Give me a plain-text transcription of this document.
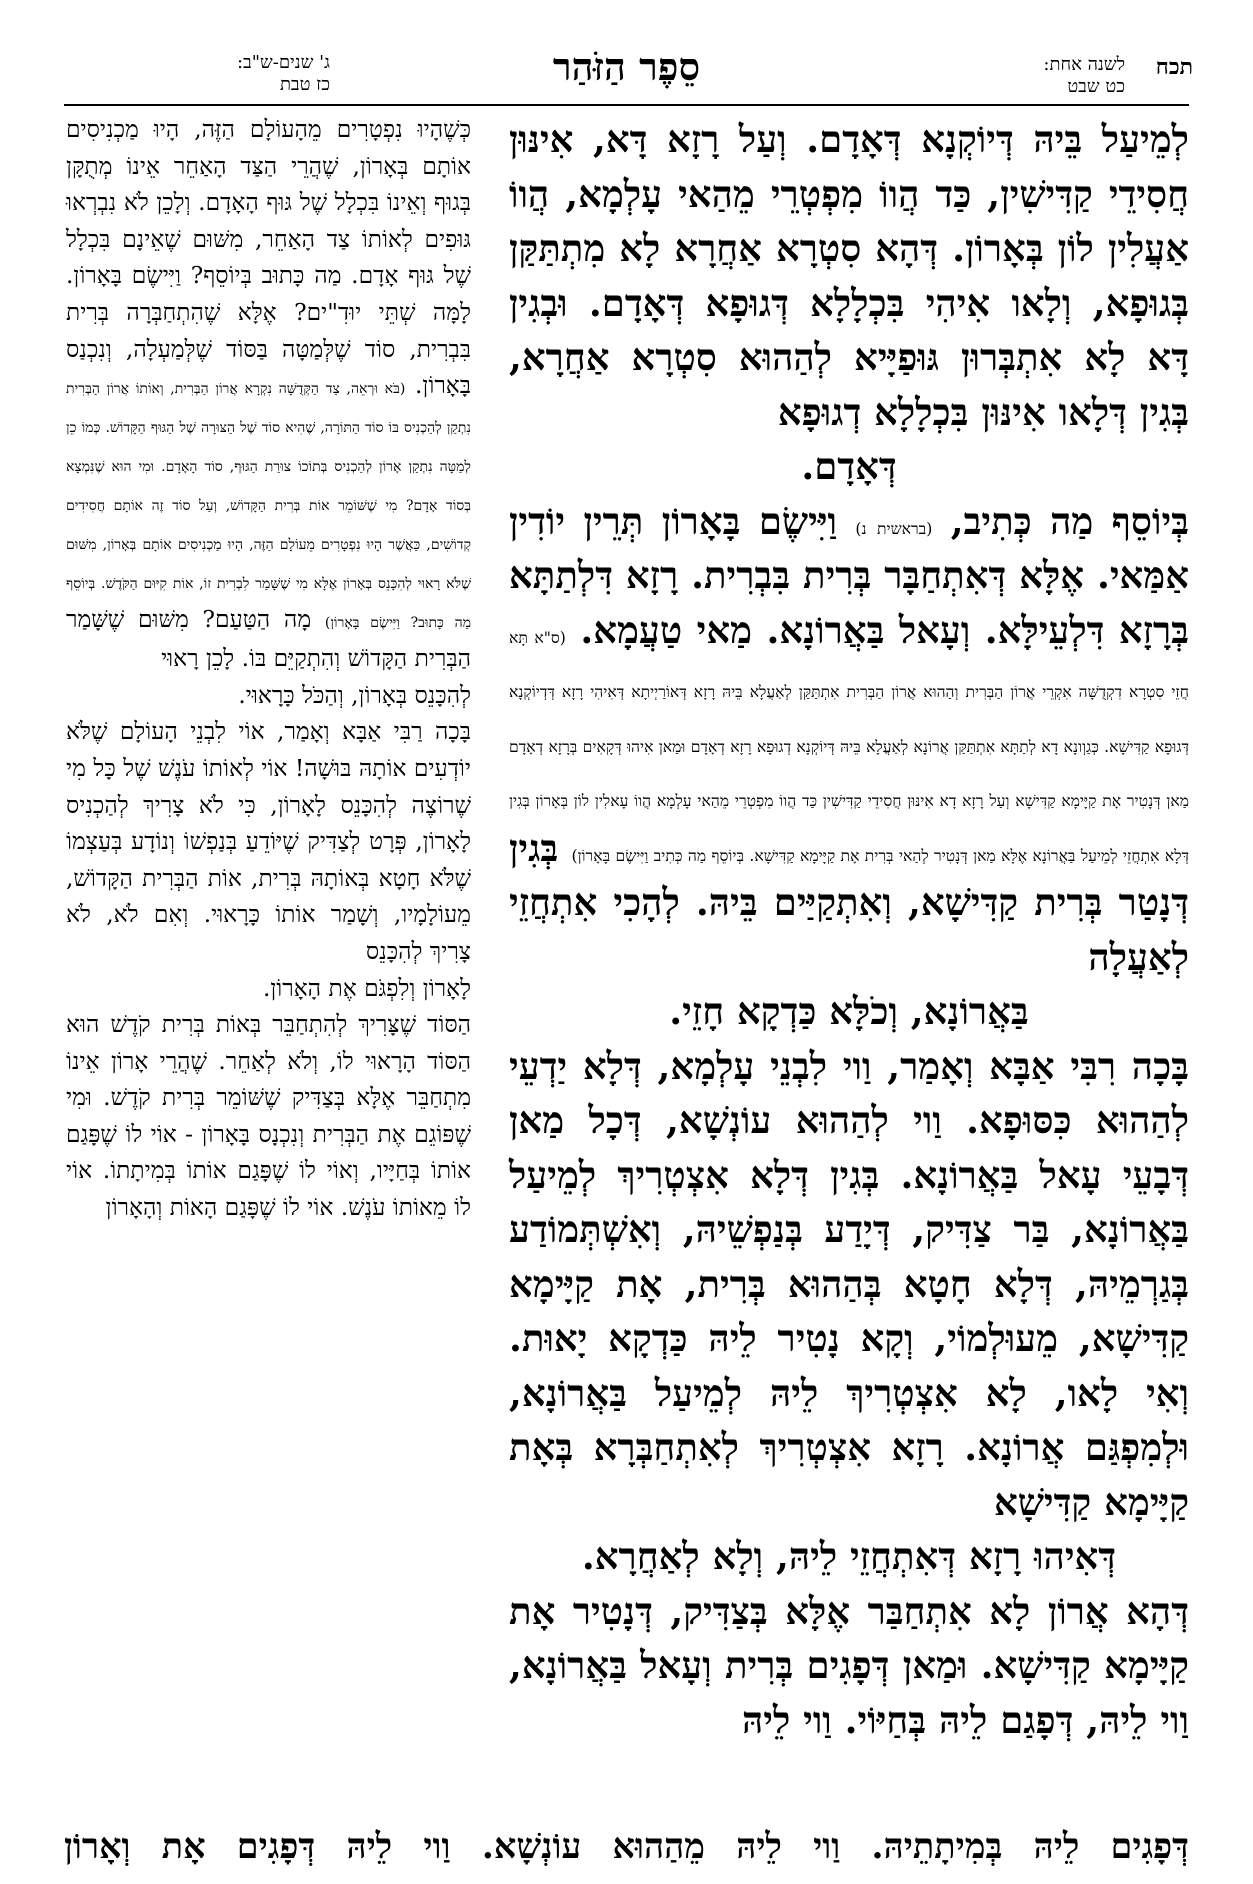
תכח
לשנה אחת:
כט שבט
סֵפֶר הַזֹּהַר
ג' שנים-ש"ב:
כז טבת

לְמֵיעַל בֵּיהּ דְּיוֹקְנָא דְּאָדָם. וְעַל רָזָא דָּא, אִינּוּן חֲסִידֵי קַדִּישִׁין, כַּד הֲווֹ מִפְטְרֵי מֵהַאי עָלְמָא, הֲווֹ אַעֲלִין לוֹן בְּאָרוֹן. דְּהָא סִטְרָא אַחֲרָא לָא מִתְתַּקַּן בְּגוּפָא, וְלָאו אִיהִי בִּכְלָלָא דְּגוּפָא דְּאָדָם. וּבְגִין דָּא לָא אִתְבְּרוּן גּוּפַיָּיא לְהַהוּא סִטְרָא אַחֲרָא, בְּגִין דְּלָאו אִינּוּן בִּכְלָלָא דְגוּפָא

דְּאָדָם.

בְּיוֹסֵף מַה כְּתִיב, (בראשית נ) וַיִּישֶׂם בָּאָרוֹן תְּרֵין יוֹדִין אַמַּאי. אֶלָּא דְּאִתְחַבָּר בְּרִית בִּבְרִית. רָזָא דִּלְתַתָּא בְּרָזָא דִּלְעֵילָּא. וְעָאל בַּאֲרוֹנָא. מַאי טַעֲמָא. (ס"א תָּא חֲזֵי סִטְרָא דִקְדֻשָּׁה אִקְרֵי אֲרוֹן הַבְּרִית וְהַהוּא אֲרוֹן הַבְּרִית אִתְתַּקַּן לְאַעֲלָא בֵּיהּ רָזָא דְּאוֹרַיְיתָא דְּאִיהִי רָזָא דְּדְיוֹקְנָא דְּגוּפָא קַדִּישָׁא. כְּגַוְונָא דָא לְתַתָּא אִתְתַּקַּן אֲרוֹנָא לְאַעֲלָא בֵּיהּ דְּיוֹקְנָא דְגוּפָא רָזָא דְאָדָם וּמַאן אִיהוּ דְּקָאִים בְּרָזָא דְאָדָם מַאן דְּנָטִיר אָת קַיָּימָא קַדִּישָׁא וְעַל רָזָא דָא אִינּוּן חֲסִידֵי קַדִּישִׁין כַּד הֲווֹ מִפְטְרֵי מֵהַאי עָלְמָא הֲווֹ עָאלִין לוֹן בְּאָרוֹן בְּגִין דְּלָא אִתְחֲזֵי לְמֵיעַל בַּאֲרוֹנָא אֶלָּא מַאן דְּנָטִיר לְהַאי בְּרִית אָת קַיָּימָא קַדִּישָׁא. בְּיוֹסֵף מַה כְּתִיב וַיִּישֶׂם בָּאָרוֹן) בְּגִין דְּנָטַר בְּרִית קַדִּישָׁא, וְאִתְקַיַּים בֵּיהּ. לְהָכִי אִתְחֲזֵי לְאַעֲלָה

בַּאֲרוֹנָא, וְכֹלָּא כַּדְקָא חָזֵי.

בָּכָה רִבִּי אַבָּא וְאָמַר, וַוי לִבְנֵי עָלְמָא, דְּלָא יַדְעֵי לְהַהוּא כִּסּוּפָא. וַוי לְהַהוּא עוֹנְשָׁא, דְּכָל מַאן דְּבָעֵי עָאל בַּאֲרוֹנָא. בְּגִין דְּלָא אִצְטְרִיךְ לְמֵיעַל בַּאֲרוֹנָא, בַּר צַדִּיק, דְּיָדַע בְּנַפְשֵׁיהּ, וְאִשְׁתְּמוֹדַע בְּגַרְמֵיהּ, דְּלָא חָטָא בְּהַהוּא בְּרִית, אָת קַיָּימָא קַדִּישָׁא, מֵעוּלְמוֹי, וְקָא נָטִיר לֵיהּ כַּדְקָא יָאוּת. וְאִי לָאו, לָא אִצְטְרִיךְ לֵיהּ לְמֵיעַל בַּאֲרוֹנָא, וּלְמִפְגַּם אֲרוֹנָא. רָזָא אִצְטְרִיךְ לְאִתְחַבְּרָא בְּאָת קַיָּימָא קַדִּישָׁא

דְּאִיהוּ רָזָא דְּאִתְחֲזֵי לֵיהּ, וְלָא לְאַחֲרָא.

דְּהָא אֲרוֹן לָא אִתְחַבַּר אֶלָּא בְּצַדִּיק, דְּנָטִיר אָת קַיָּימָא קַדִּישָׁא. וּמַאן דְּפָגִים בְּרִית וְעָאל בַּאֲרוֹנָא, וַוי לֵיהּ, דְּפָגַם לֵיהּ בְּחַיּוֹי. וַוי לֵיהּ

כְּשֶׁהָיוּ נִפְטָרִים מֵהָעוֹלָם הַזֶּה, הָיוּ מַכְנִיסִים אוֹתָם בְּאָרוֹן, שֶׁהֲרֵי הַצַּד הָאַחֵר אֵינוֹ מְתֻקָּן בְּגוּף וְאֵינוֹ בִּכְלָל שֶׁל גּוּף הָאָדָם. וְלָכֵן לֹא נִבְרְאוּ גּוּפִים לְאוֹתוֹ צַד הָאַחֵר, מִשּׁוּם שֶׁאֵינָם בִּכְלָל שֶׁל גּוּף אָדָם. מַה כָּתוּב בְּיוֹסֵף? וַיִּישֶׂם בָּאָרוֹן. לָמָּה שְׁתֵּי יוּדִ"ים? אֶלָּא שֶׁהִתְחַבְּרָה בְּרִית בִּבְרִית, סוֹד שֶׁלְּמַטָּה בַּסּוֹד שֶׁלְּמַעְלָה, וְנִכְנַס בָּאָרוֹן. (בֹּא וּרְאֵה, צַד הַקְּדֻשָּׁה נִקְרָא אֲרוֹן הַבְּרִית, וְאוֹתוֹ אֲרוֹן הַבְּרִית נִתְקַן לְהַכְנִיס בּוֹ סוֹד הַתּוֹרָה, שֶׁהִיא סוֹד שֶׁל הַצּוּרָה שֶׁל הַגּוּף הַקָּדוֹשׁ. כְּמוֹ כֵן לְמַטָּה נִתְקַן אָרוֹן לְהַכְנִיס בְּתוֹכוֹ צוּרַת הַגּוּף, סוֹד הָאָדָם. וּמִי הוּא שֶׁנִּמְצָא בְּסוֹד אָדָם? מִי שֶׁשּׁוֹמֵר אוֹת בְּרִית הַקָּדוֹשׁ, וְעַל סוֹד זֶה אוֹתָם חֲסִידִים קְדוֹשִׁים, כַּאֲשֶׁר הָיוּ נִפְטָרִים מֵעוֹלָם הַזֶּה, הָיוּ מַכְנִיסִים אוֹתָם בְּאָרוֹן, מִשּׁוּם שֶׁלֹּא רָאוּי לְהִכָּנֵס בְּאָרוֹן אֶלָּא מִי שֶׁשָּׁמַר לִבְרִית זוֹ, אוֹת קִיּוּם הַקֹּדֶשׁ. בְּיוֹסֵף מַה כָּתוּב? וַיִּישֶׂם בָּאָרוֹן) מָה הַטַּעַם? מִשּׁוּם שֶׁשָּׁמַר הַבְּרִית הַקָּדוֹשׁ וְהִתְקַיֵּם בּוֹ. לָכֵן רָאוּי

לְהִכָּנֵס בְּאָרוֹן, וְהַכֹּל כָּרָאוּי.

בָּכָה רַבִּי אַבָּא וְאָמַר, אוֹי לִבְנֵי הָעוֹלָם שֶׁלֹּא יוֹדְעִים אוֹתָהּ בּוּשָׁה! אוֹי לְאוֹתוֹ עֹנֶשׁ שֶׁל כָּל מִי שֶׁרוֹצֶה לְהִכָּנֵס לָאָרוֹן, כִּי לֹא צָרִיךְ לְהַכְנִיס לָאָרוֹן, פְּרָט לְצַדִּיק שֶׁיּוֹדֵעַ בְּנַפְשׁוֹ וְנוֹדָע בְּעַצְמוֹ שֶׁלֹּא חָטָא בְּאוֹתָהּ בְּרִית, אוֹת הַבְּרִית הַקָּדוֹשׁ, מֵעוֹלָמָיו, וְשָׁמַר אוֹתוֹ כָּרָאוּי. וְאִם לֹא, לֹא צָרִיךְ לְהִכָּנֵס

לָאָרוֹן וְלִפְגֹּם אֶת הָאָרוֹן.

הַסּוֹד שֶׁצָּרִיךְ לְהִתְחַבֵּר בְּאוֹת בְּרִית קֹדֶשׁ הוּא הַסּוֹד הָרָאוּי לוֹ, וְלֹא לְאַחֵר. שֶׁהֲרֵי אָרוֹן אֵינוֹ מִתְחַבֵּר אֶלָּא בְּצַדִּיק שֶׁשּׁוֹמֵר בְּרִית קֹדֶשׁ. וּמִי שֶׁפּוֹגֵם אֶת הַבְּרִית וְנִכְנָס בָּאָרוֹן - אוֹי לוֹ שֶׁפָּגַם אוֹתוֹ בְּחַיָּיו, וְאוֹי לוֹ שֶׁפָּגַם אוֹתוֹ בְּמִיתָתוֹ. אוֹי לוֹ מֵאוֹתוֹ עֹנֶשׁ. אוֹי לוֹ שֶׁפָּגַם הָאוֹת וְהָאָרוֹן

דְּפָגִים לֵיהּ בְּמִיתָתֵיהּ. וַוי לֵיהּ מֵהַהוּא עוֹנְשָׁא. וַוי לֵיהּ דְּפָגִים אָת וְאָרוֹן
